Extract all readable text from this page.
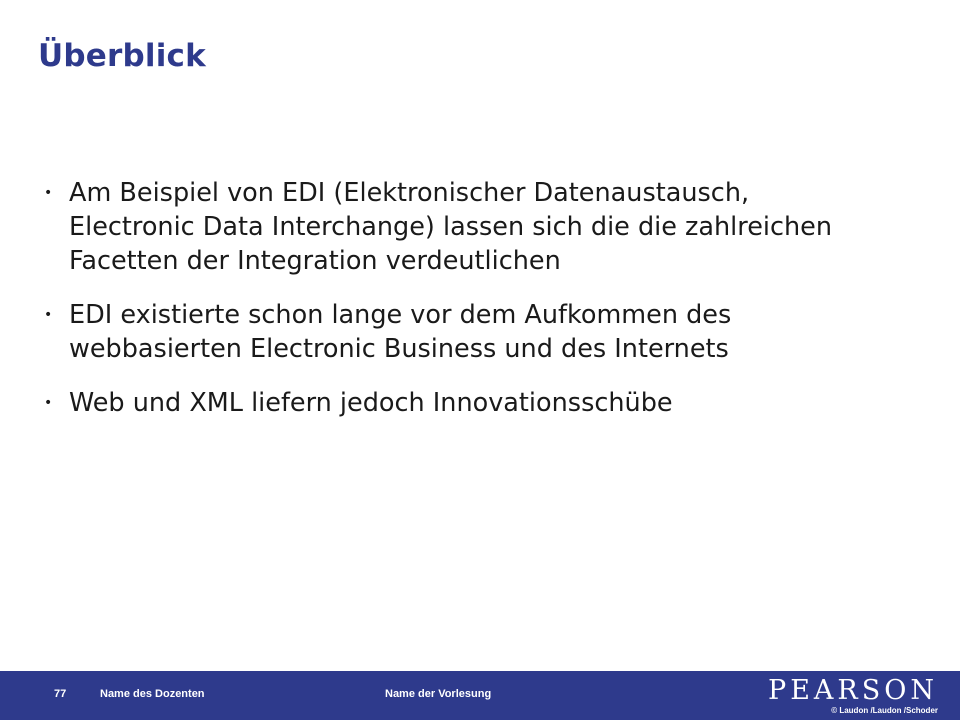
Überblick
• Am Beispiel von EDI (Elektronischer Datenaustausch, Electronic Data Interchange) lassen sich die die zahlreichen Facetten der Integration verdeutlichen
• EDI existierte schon lange vor dem Aufkommen des webbasierten Electronic Business und des Internets
• Web und XML liefern jedoch Innovationsschübe
77	Name des Dozenten	Name der Vorlesung	PEARSON
© Laudon /Laudon /Schoder
